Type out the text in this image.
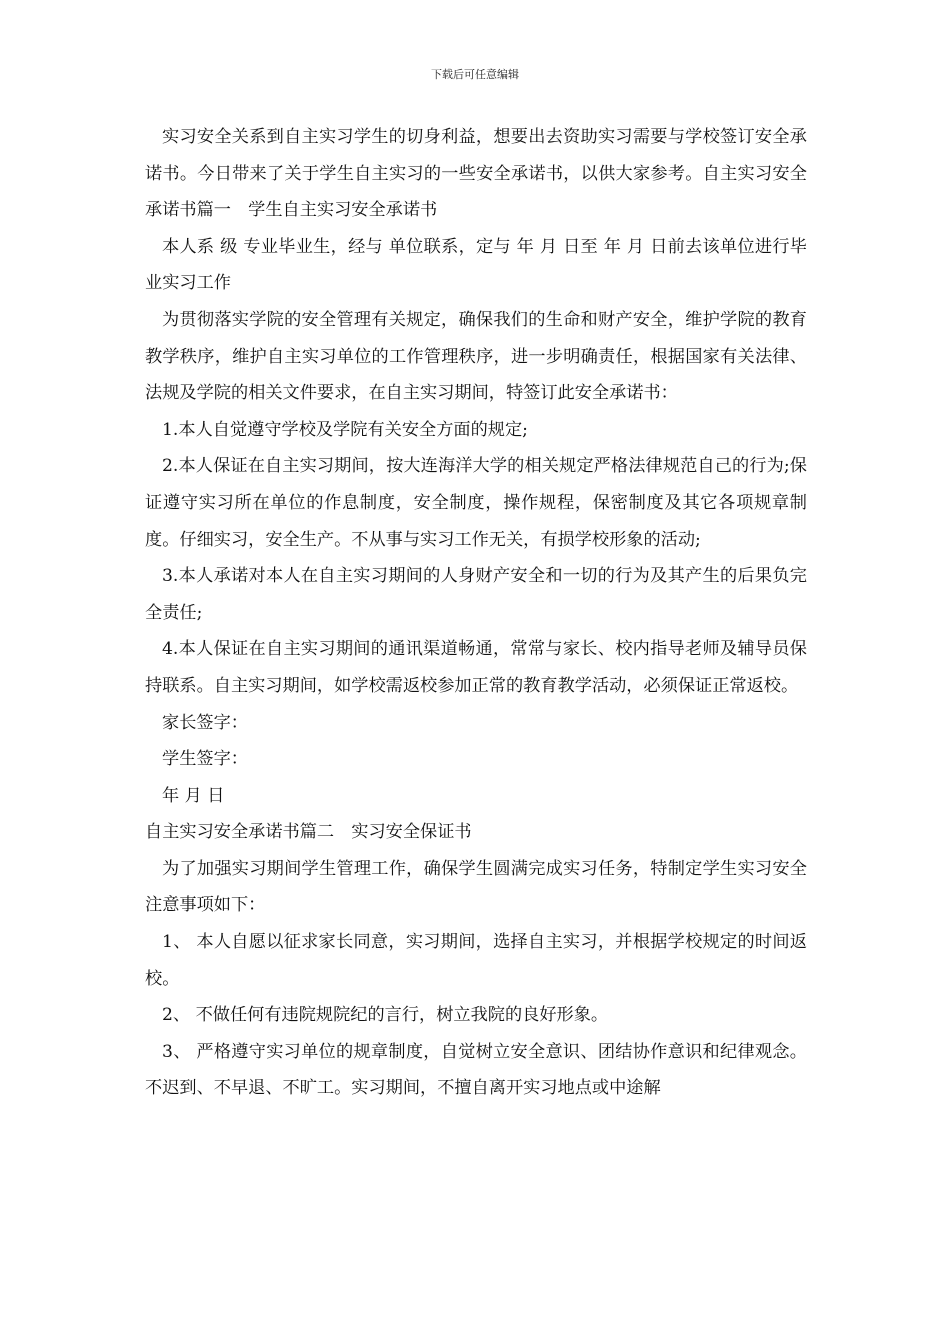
下载后可任意编辑

实习安全关系到自主实习学生的切身利益，想要出去资助实习需要与学校签订安全承诺书。今日带来了关于学生自主实习的一些安全承诺书，以供大家参考。自主实习安全承诺书篇一　学生自主实习安全承诺书

本人系 级 专业毕业生，经与 单位联系，定与 年 月 日至 年 月 日前去该单位进行毕业实习工作

为贯彻落实学院的安全管理有关规定，确保我们的生命和财产安全，维护学院的教育教学秩序，维护自主实习单位的工作管理秩序，进一步明确责任，根据国家有关法律、法规及学院的相关文件要求，在自主实习期间，特签订此安全承诺书：

1.本人自觉遵守学校及学院有关安全方面的规定;

2.本人保证在自主实习期间，按大连海洋大学的相关规定严格法律规范自己的行为;保证遵守实习所在单位的作息制度，安全制度，操作规程，保密制度及其它各项规章制度。仔细实习，安全生产。不从事与实习工作无关，有损学校形象的活动;

3.本人承诺对本人在自主实习期间的人身财产安全和一切的行为及其产生的后果负完全责任;

4.本人保证在自主实习期间的通讯渠道畅通，常常与家长、校内指导老师及辅导员保持联系。自主实习期间，如学校需返校参加正常的教育教学活动，必须保证正常返校。

家长签字：

学生签字：

年 月 日

自主实习安全承诺书篇二　实习安全保证书

为了加强实习期间学生管理工作，确保学生圆满完成实习任务，特制定学生实习安全注意事项如下：

1、 本人自愿以征求家长同意，实习期间，选择自主实习，并根据学校规定的时间返校。

2、 不做任何有违院规院纪的言行，树立我院的良好形象。

3、 严格遵守实习单位的规章制度，自觉树立安全意识、团结协作意识和纪律观念。不迟到、不早退、不旷工。实习期间，不擅自离开实习地点或中途解
